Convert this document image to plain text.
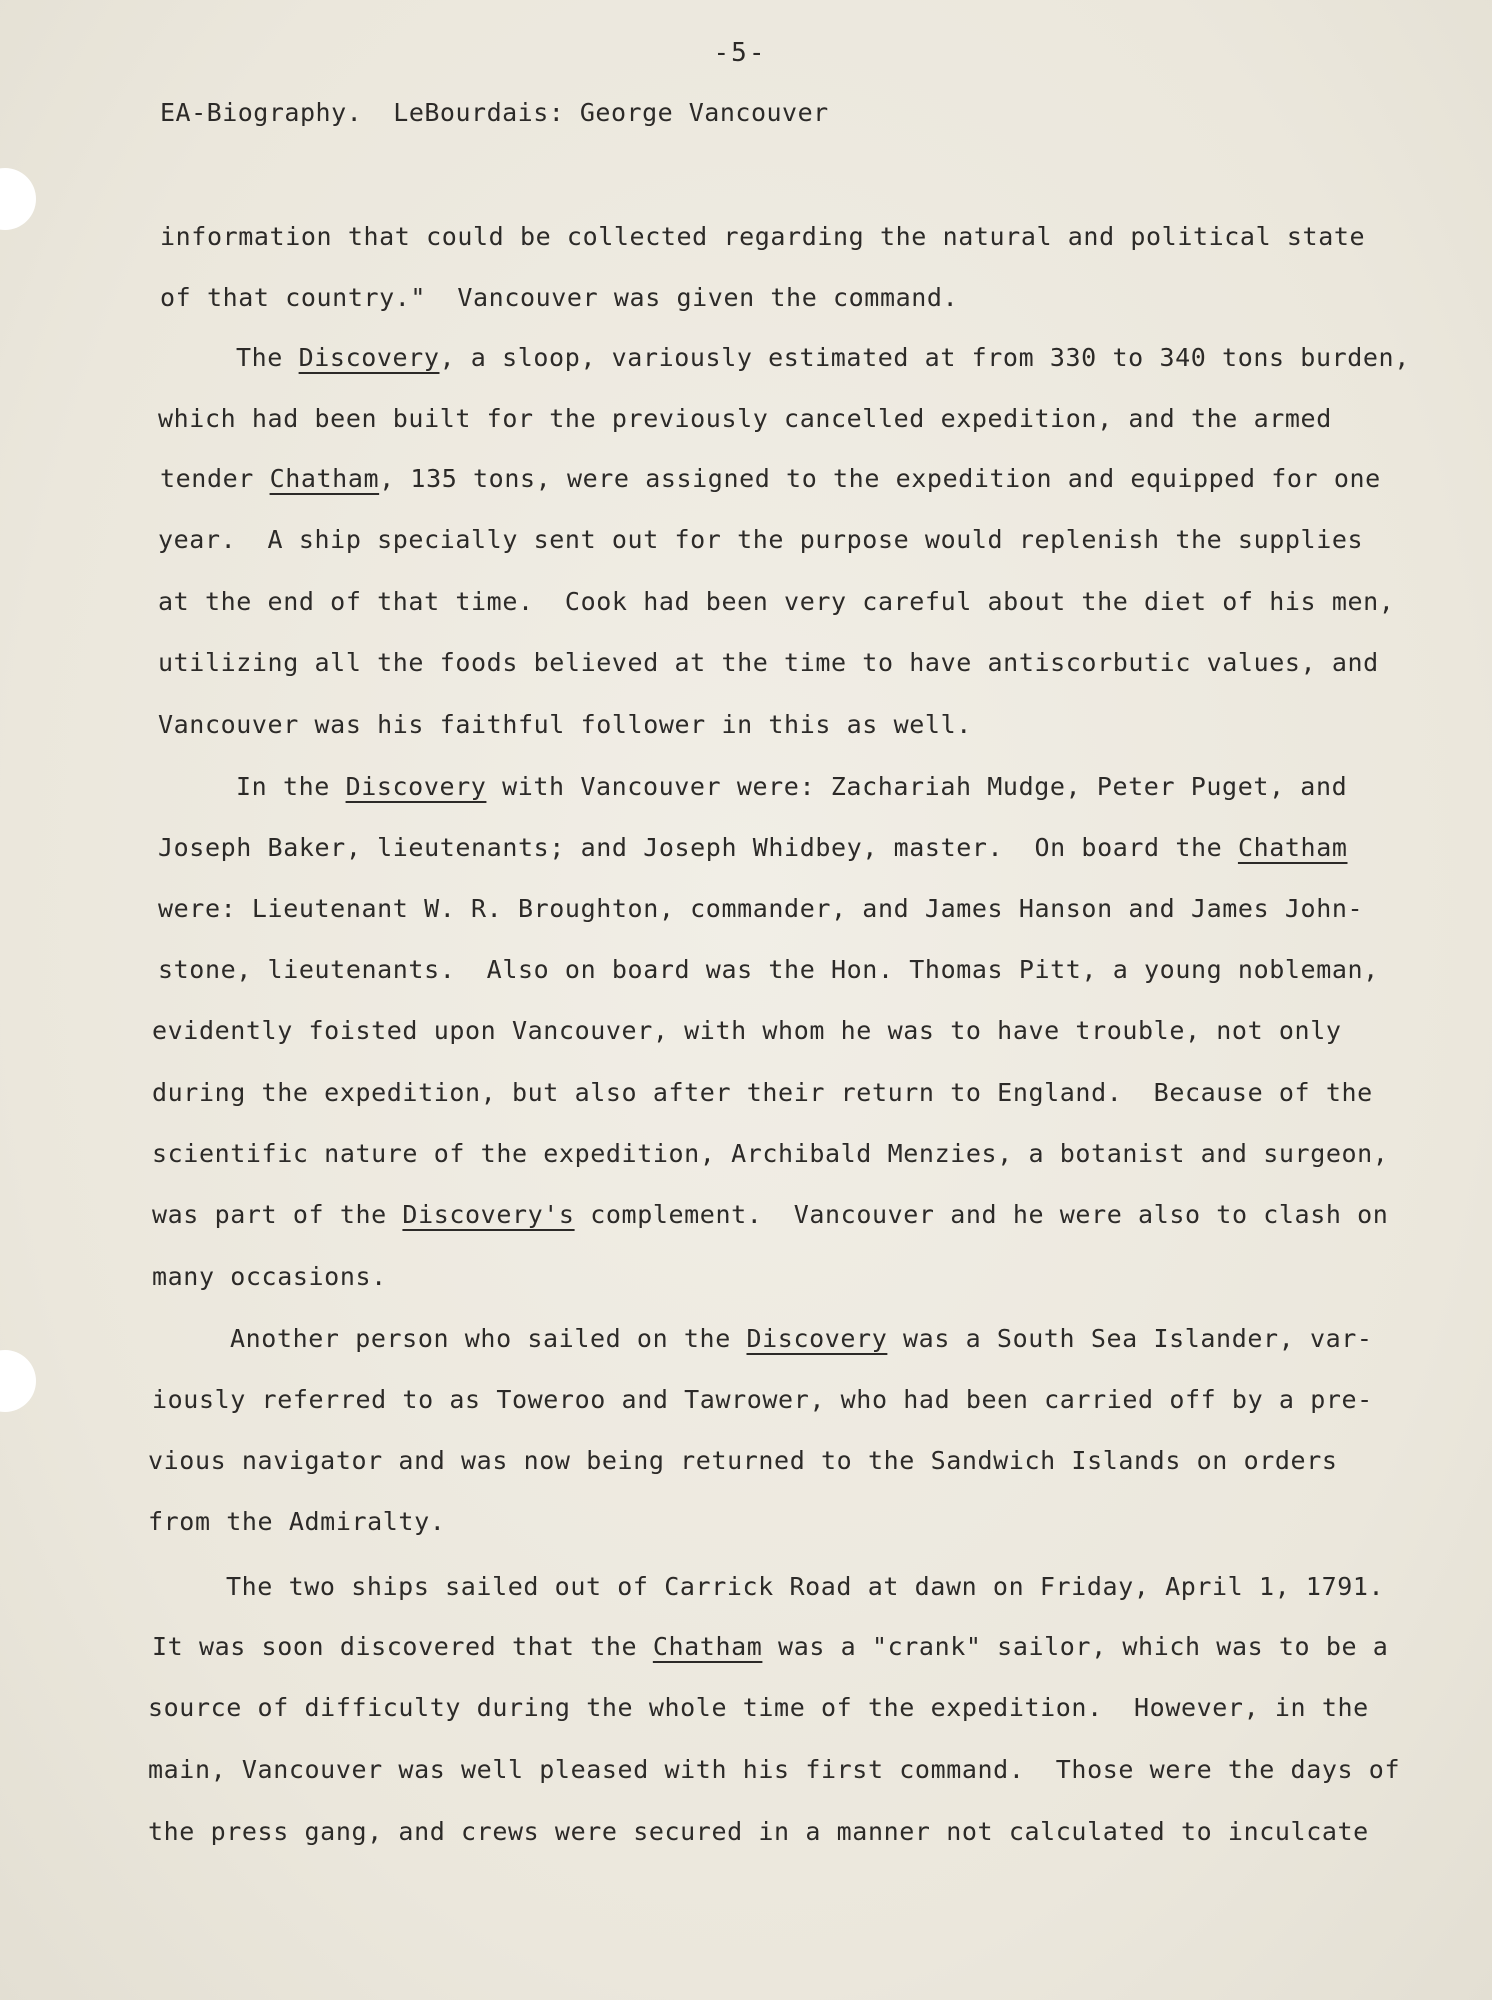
-5-
EA-Biography.  LeBourdais: George Vancouver
information that could be collected regarding the natural and political state
of that country."  Vancouver was given the command.
The Discovery, a sloop, variously estimated at from 330 to 340 tons burden,
which had been built for the previously cancelled expedition, and the armed
tender Chatham, 135 tons, were assigned to the expedition and equipped for one
year.  A ship specially sent out for the purpose would replenish the supplies
at the end of that time.  Cook had been very careful about the diet of his men,
utilizing all the foods believed at the time to have antiscorbutic values, and
Vancouver was his faithful follower in this as well.
In the Discovery with Vancouver were: Zachariah Mudge, Peter Puget, and
Joseph Baker, lieutenants; and Joseph Whidbey, master.  On board the Chatham
were: Lieutenant W. R. Broughton, commander, and James Hanson and James John-
stone, lieutenants.  Also on board was the Hon. Thomas Pitt, a young nobleman,
evidently foisted upon Vancouver, with whom he was to have trouble, not only
during the expedition, but also after their return to England.  Because of the
scientific nature of the expedition, Archibald Menzies, a botanist and surgeon,
was part of the Discovery's complement.  Vancouver and he were also to clash on
many occasions.
Another person who sailed on the Discovery was a South Sea Islander, var-
iously referred to as Toweroo and Tawrower, who had been carried off by a pre-
vious navigator and was now being returned to the Sandwich Islands on orders
from the Admiralty.
The two ships sailed out of Carrick Road at dawn on Friday, April 1, 1791.
It was soon discovered that the Chatham was a "crank" sailor, which was to be a
source of difficulty during the whole time of the expedition.  However, in the
main, Vancouver was well pleased with his first command.  Those were the days of
the press gang, and crews were secured in a manner not calculated to inculcate
